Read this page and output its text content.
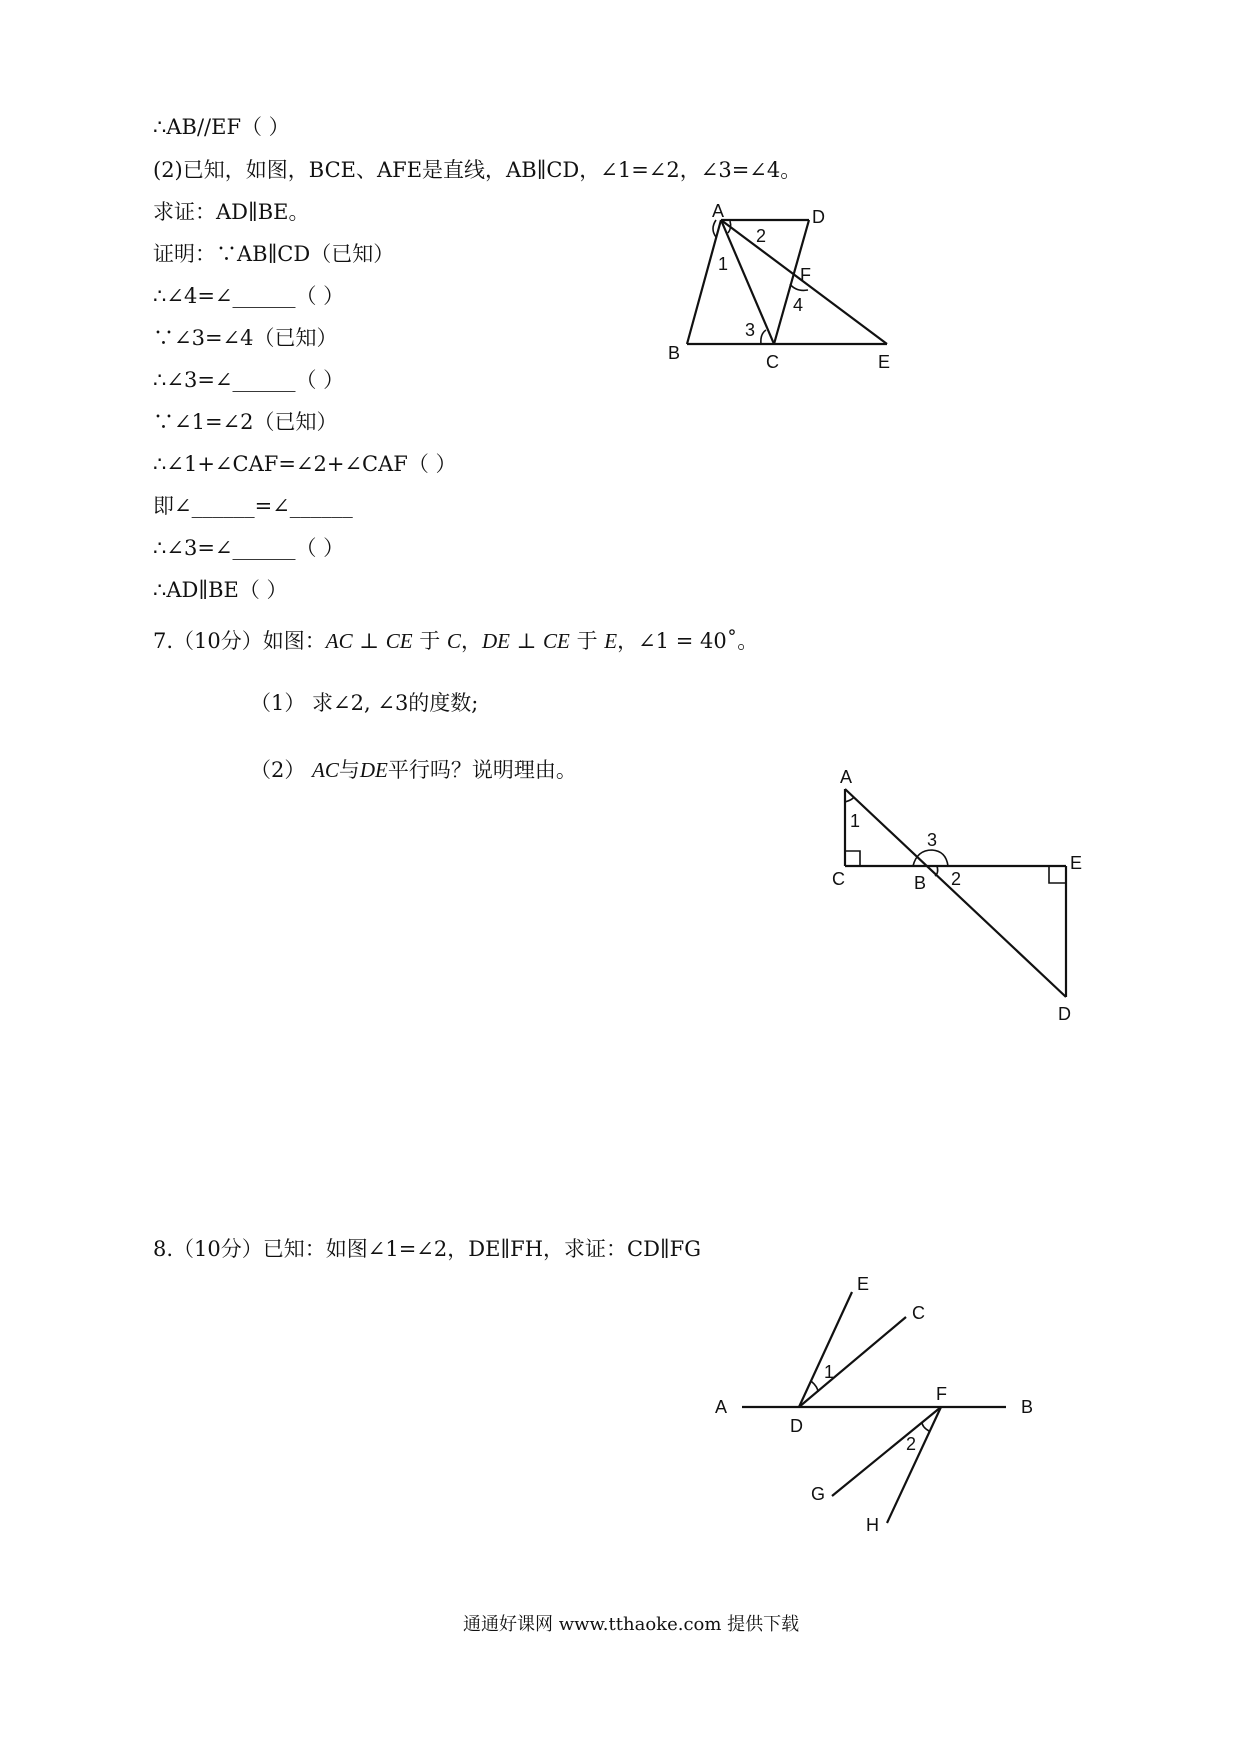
∴AB//EF（ ）
(2)已知，如图，BCE、AFE是直线，AB∥CD，∠1=∠2，∠3=∠4。
求证：AD∥BE。
证明：∵AB∥CD（已知）
∴∠4=∠______（ ）
∵∠3=∠4（已知）
∴∠3=∠______（ ）
∵∠1=∠2（已知）
∴∠1+∠CAF=∠2+∠CAF（ ）
即∠______=∠______
∴∠3=∠______（ ）
∴AD∥BE（ ）
7.（10分）如图：AC ⊥ CE 于 C，DE ⊥ CE 于 E，∠1 = 40˚。
（1） 求∠2, ∠3的度数;
（2） AC与DE平行吗？说明理由。
8.（10分）已知：如图∠1=∠2，DE∥FH，求证：CD∥FG
A	D
2
1
F
4
3
B	C	E
A
1
3
C	B 2
E
D
E
C
1
A
F
B
D
2
G
H
通通好课网 www.tthaoke.com 提供下载
